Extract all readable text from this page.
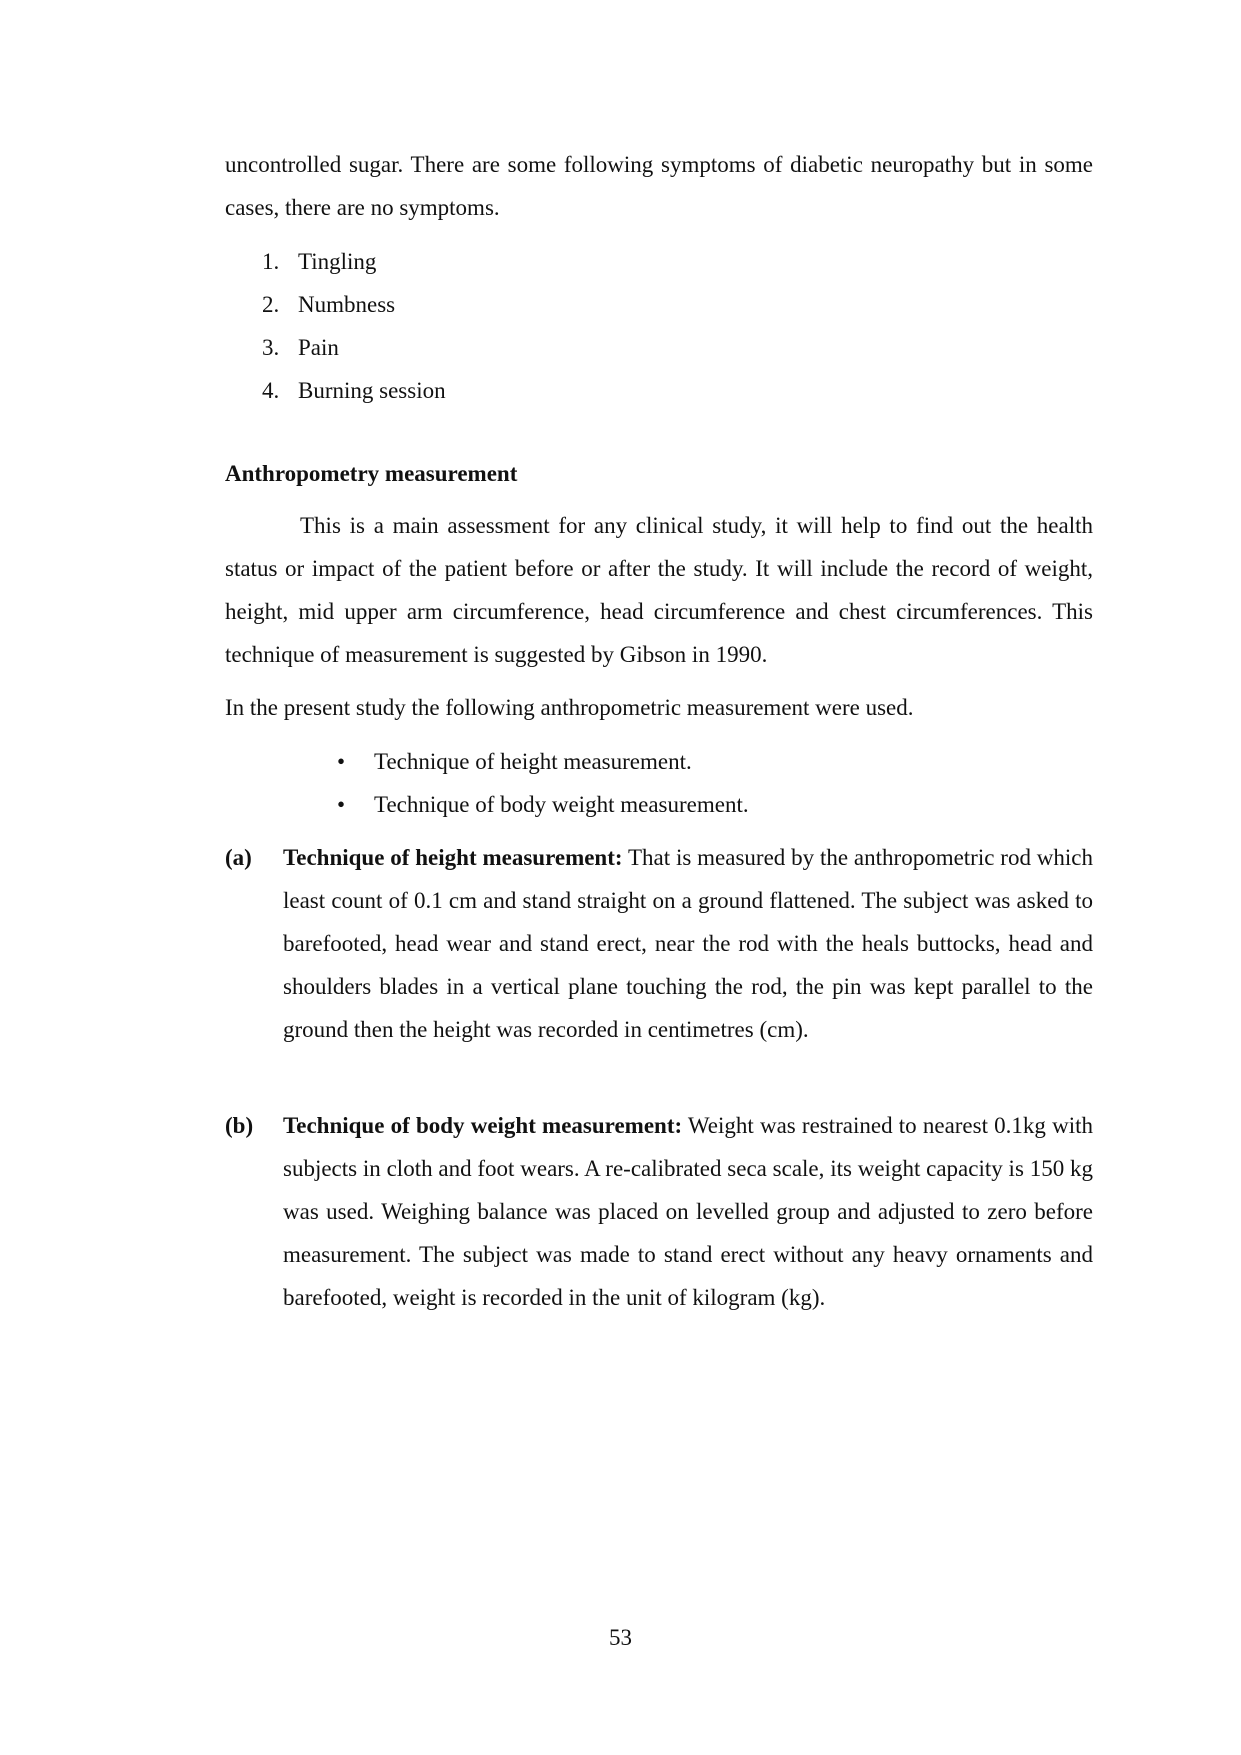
uncontrolled sugar. There are some following symptoms of diabetic neuropathy but in some cases, there are no symptoms.

1. Tingling
2. Numbness
3. Pain
4. Burning session
Anthropometry measurement

This is a main assessment for any clinical study, it will help to find out the health status or impact of the patient before or after the study. It will include the record of weight, height, mid upper arm circumference, head circumference and chest circumferences. This technique of measurement is suggested by Gibson in 1990.

In the present study the following anthropometric measurement were used.

• Technique of height measurement.
• Technique of body weight measurement.
(a) Technique of height measurement: That is measured by the anthropometric rod which least count of 0.1 cm and stand straight on a ground flattened. The subject was asked to barefooted, head wear and stand erect, near the rod with the heals buttocks, head and shoulders blades in a vertical plane touching the rod, the pin was kept parallel to the ground then the height was recorded in centimetres (cm).

(b) Technique of body weight measurement: Weight was restrained to nearest 0.1kg with subjects in cloth and foot wears. A re-calibrated seca scale, its weight capacity is 150 kg was used. Weighing balance was placed on levelled group and adjusted to zero before measurement. The subject was made to stand erect without any heavy ornaments and barefooted, weight is recorded in the unit of kilogram (kg).

53
